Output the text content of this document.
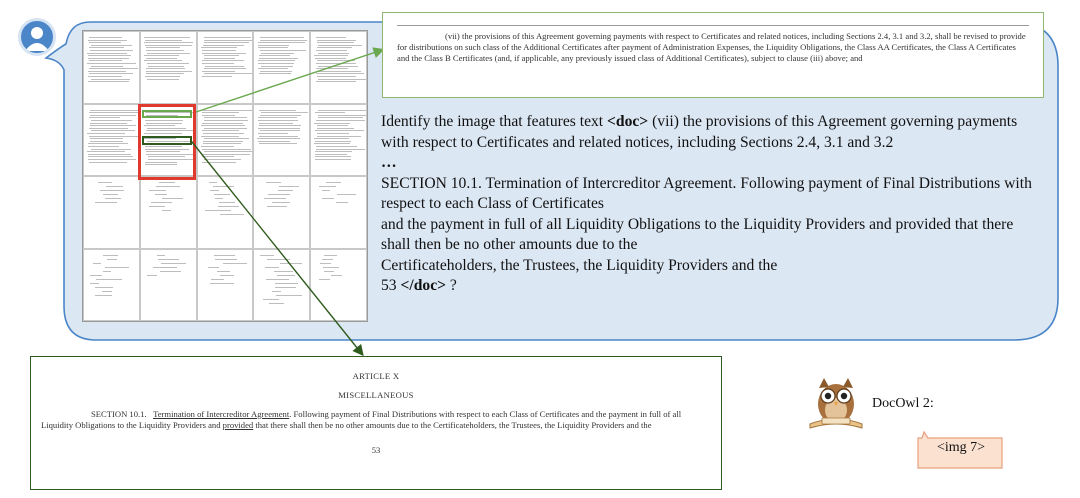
(vii) the provisions of this Agreement governing payments with respect to Certificates and related notices, including Sections 2.4, 3.1 and 3.2, shall be revised to provide for distributions on such class of the Additional Certificates after payment of Administration Expenses, the Liquidity Obligations, the Class AA Certificates, the Class A Certificates and the Class B Certificates (and, if applicable, any previously issued class of Additional Certificates), subject to clause (iii) above; and
Identify the image that features text <doc> (vii) the provisions of this Agreement governing payments with respect to Certificates and related notices, including Sections 2.4, 3.1 and 3.2
…
SECTION 10.1. Termination of Intercreditor Agreement. Following payment of Final Distributions with respect to each Class of Certificates
and the payment in full of all Liquidity Obligations to the Liquidity Providers and provided that there shall then be no other amounts due to the
Certificateholders, the Trustees, the Liquidity Providers and the
53 </doc> ?
ARTICLE X
MISCELLANEOUS
SECTION 10.1. Termination of Intercreditor Agreement. Following payment of Final Distributions with respect to each Class of Certificates and the payment in full of all Liquidity Obligations to the Liquidity Providers and provided that there shall then be no other amounts due to the Certificateholders, the Trustees, the Liquidity Providers and the
53
DocOwl 2:
<img 7>
